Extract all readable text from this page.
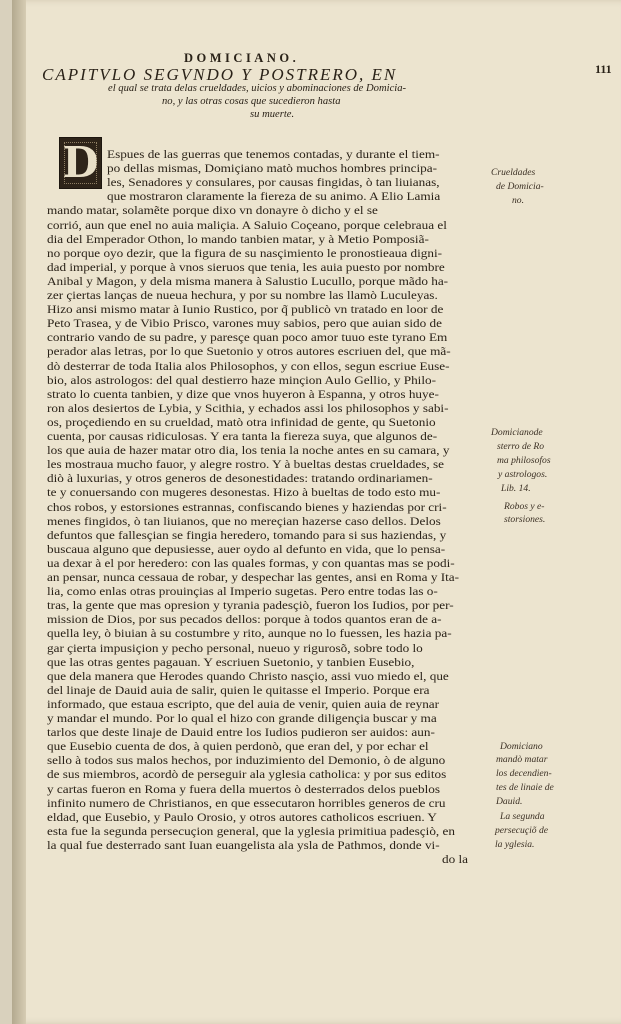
DOMICIANO.
111
CAPITVLO SEGVNDO Y POSTRERO, EN
el qual se trata delas crueldades, uicios y abominaciones de Domicia-
no, y las otras cosas que sucedieron hasta
su muerte.
D Espues de las guerras que tenemos contadas, y durante el tiem-
po dellas mismas, Domiçiano matò muchos hombres principa-
les, Senadores y consulares, por causas fingidas, ò tan liuianas,
que mostraron claramente la fiereza de su animo. A Elio Lamia
mando matar, solamẽte porque dixo vn donayre ò dicho y el se
corrió, aun que enel no auia maliçia. A Saluio Coçeano, porque celebraua el
dia del Emperador Othon, lo mando tanbien matar, y à Metio Pomposiã-
no porque oyo dezir, que la figura de su nasçimiento le pronostieaua digni-
dad imperial, y porque à vnos sieruos que tenia, les auia puesto por nombre
Anibal y Magon, y dela misma manera à Salustio Lucullo, porque mãdo ha-
zer çiertas lanças de nueua hechura, y por su nombre las llamò Luculeyas.
Hizo ansi mismo matar à Iunio Rustico, por q̃ publicò vn tratado en loor de
Peto Trasea, y de Vibio Prisco, varones muy sabios, pero que auian sido de
contrario vando de su padre, y paresçe quan poco amor tuuo este tyrano Em
perador alas letras, por lo que Suetonio y otros autores escriuen del, que mã-
dò desterrar de toda Italia alos Philosophos, y con ellos, segun escriue Euse-
bio, alos astrologos: del qual destierro haze minçion Aulo Gellio, y Philo-
strato lo cuenta tanbien, y dize que vnos huyeron à Espanna, y otros huye-
ron alos desiertos de Lybia, y Scithia, y echados assi los philosophos y sabi-
os, proçediendo en su crueldad, matò otra infinidad de gente, qu Suetonio
cuenta, por causas ridiculosas. Y era tanta la fiereza suya, que algunos de-
los que auia de hazer matar otro dia, los tenia la noche antes en su camara, y
les mostraua mucho fauor, y alegre rostro. Y à bueltas destas crueldades, se
diò à luxurias, y otros generos de desonestidades: tratando ordinariamen-
te y conuersando con mugeres desonestas. Hizo à bueltas de todo esto mu-
chos robos, y estorsiones estrannas, confiscando bienes y haziendas por cri-
menes fingidos, ò tan liuianos, que no mereçian hazerse caso dellos. Delos
defuntos que fallesçian se fingia heredero, tomando para si sus haziendas, y
buscaua alguno que depusiesse, auer oydo al defunto en vida, que lo pensa-
ua dexar à el por heredero: con las quales formas, y con quantas mas se podi-
an pensar, nunca cessaua de robar, y despechar las gentes, ansi en Roma y Ita-
lia, como enlas otras prouinçias al Imperio sugetas. Pero entre todas las o-
tras, la gente que mas opresion y tyrania padesçiò, fueron los Iudios, por per-
mission de Dios, por sus pecados dellos: porque à todos quantos eran de a-
quella ley, ò biuian à su costumbre y rito, aunque no lo fuessen, les hazia pa-
gar çierta impusiçion y pecho personal, nueuo y rigurosõ, sobre todo lo
que las otras gentes pagauan. Y escriuen Suetonio, y tanbien Eusebio,
que dela manera que Herodes quando Christo nasçio, assi vuo miedo el, que
del linaje de Dauid auia de salir, quien le quitasse el Imperio. Porque era
informado, que estaua escripto, que del auia de venir, quien auia de reynar
y mandar el mundo. Por lo qual el hizo con grande diligençia buscar y ma
tarlos que deste linaje de Dauid entre los Iudios pudieron ser auidos: aun-
que Eusebio cuenta de dos, à quien perdonò, que eran del, y por echar el
sello à todos sus malos hechos, por induzimiento del Demonio, ò de alguno
de sus miembros, acordò de perseguir ala yglesia catholica: y por sus editos
y cartas fueron en Roma y fuera della muertos ò desterrados delos pueblos
infinito numero de Christianos, en que essecutaron horribles generos de cru
eldad, que Eusebio, y Paulo Orosio, y otros autores catholicos escriuen. Y
esta fue la segunda persecuçion general, que la yglesia primitiua padesçiò, en
la qual fue desterrado sant Iuan euangelista ala ysla de Pathmos, donde vi-
do la
Crueldades
de Domicia-
no.
Domicianode
sterro de Ro
ma philosofos
y astrologos.
Lib. 14.
Robos y e-
storsiones.
Domiciano
mandò matar
los decendien-
tes de linaie de
Dauid.
La segunda
persecuçiõ de
la yglesia.
